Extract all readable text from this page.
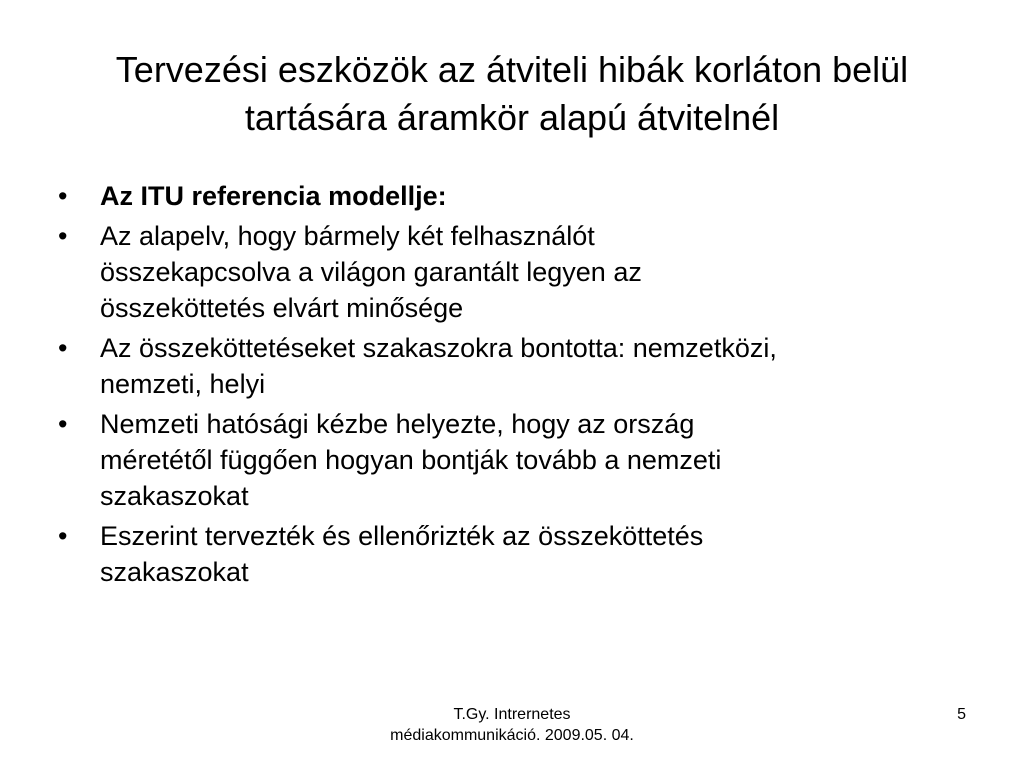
Tervezési eszközök az átviteli hibák korláton belül
tartására áramkör alapú átvitelnél
•	Az ITU referencia modellje:
•	Az alapelv, hogy bármely két felhasználót
összekapcsolva a világon garantált legyen az
összeköttetés elvárt minősége
•	Az összeköttetéseket szakaszokra bontotta: nemzetközi,
nemzeti, helyi
•	Nemzeti hatósági kézbe helyezte, hogy az ország
méretétől függően hogyan bontják tovább a nemzeti
szakaszokat
•	Eszerint tervezték és ellenőrizték az összeköttetés
szakaszokat
T.Gy. Intrernetes
médiakommunikáció. 2009.05. 04.
5
